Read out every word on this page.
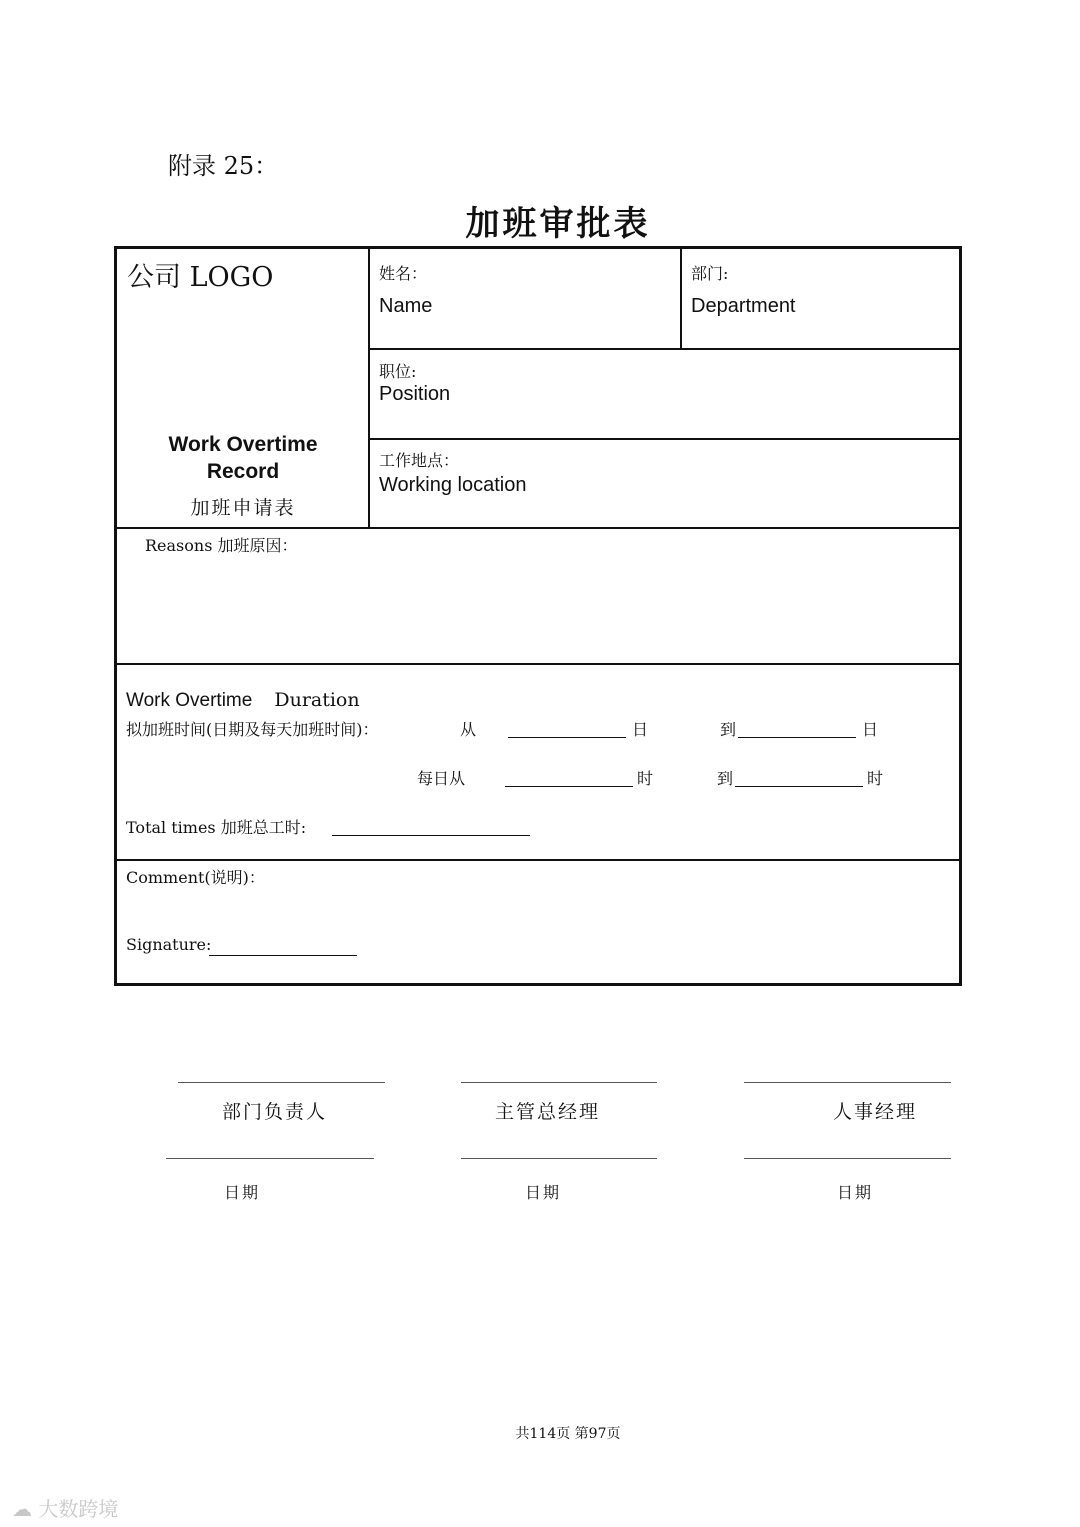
附录 25：
加班审批表
公司 LOGO
Work Overtime Record
加班申请表
姓名：
Name
部门:
Department
职位:
Position
工作地点：
Working location
Reasons 加班原因：
Work Overtime Duration
拟加班时间(日期及每天加班时间)：	从	日	到	日
每日从	时	到	时
Total times 加班总工时:
Comment(说明)：
Signature:
部门负责人
日期
主管总经理
日期
人事经理
日期
共114页 第97页
☁ 大数跨境
